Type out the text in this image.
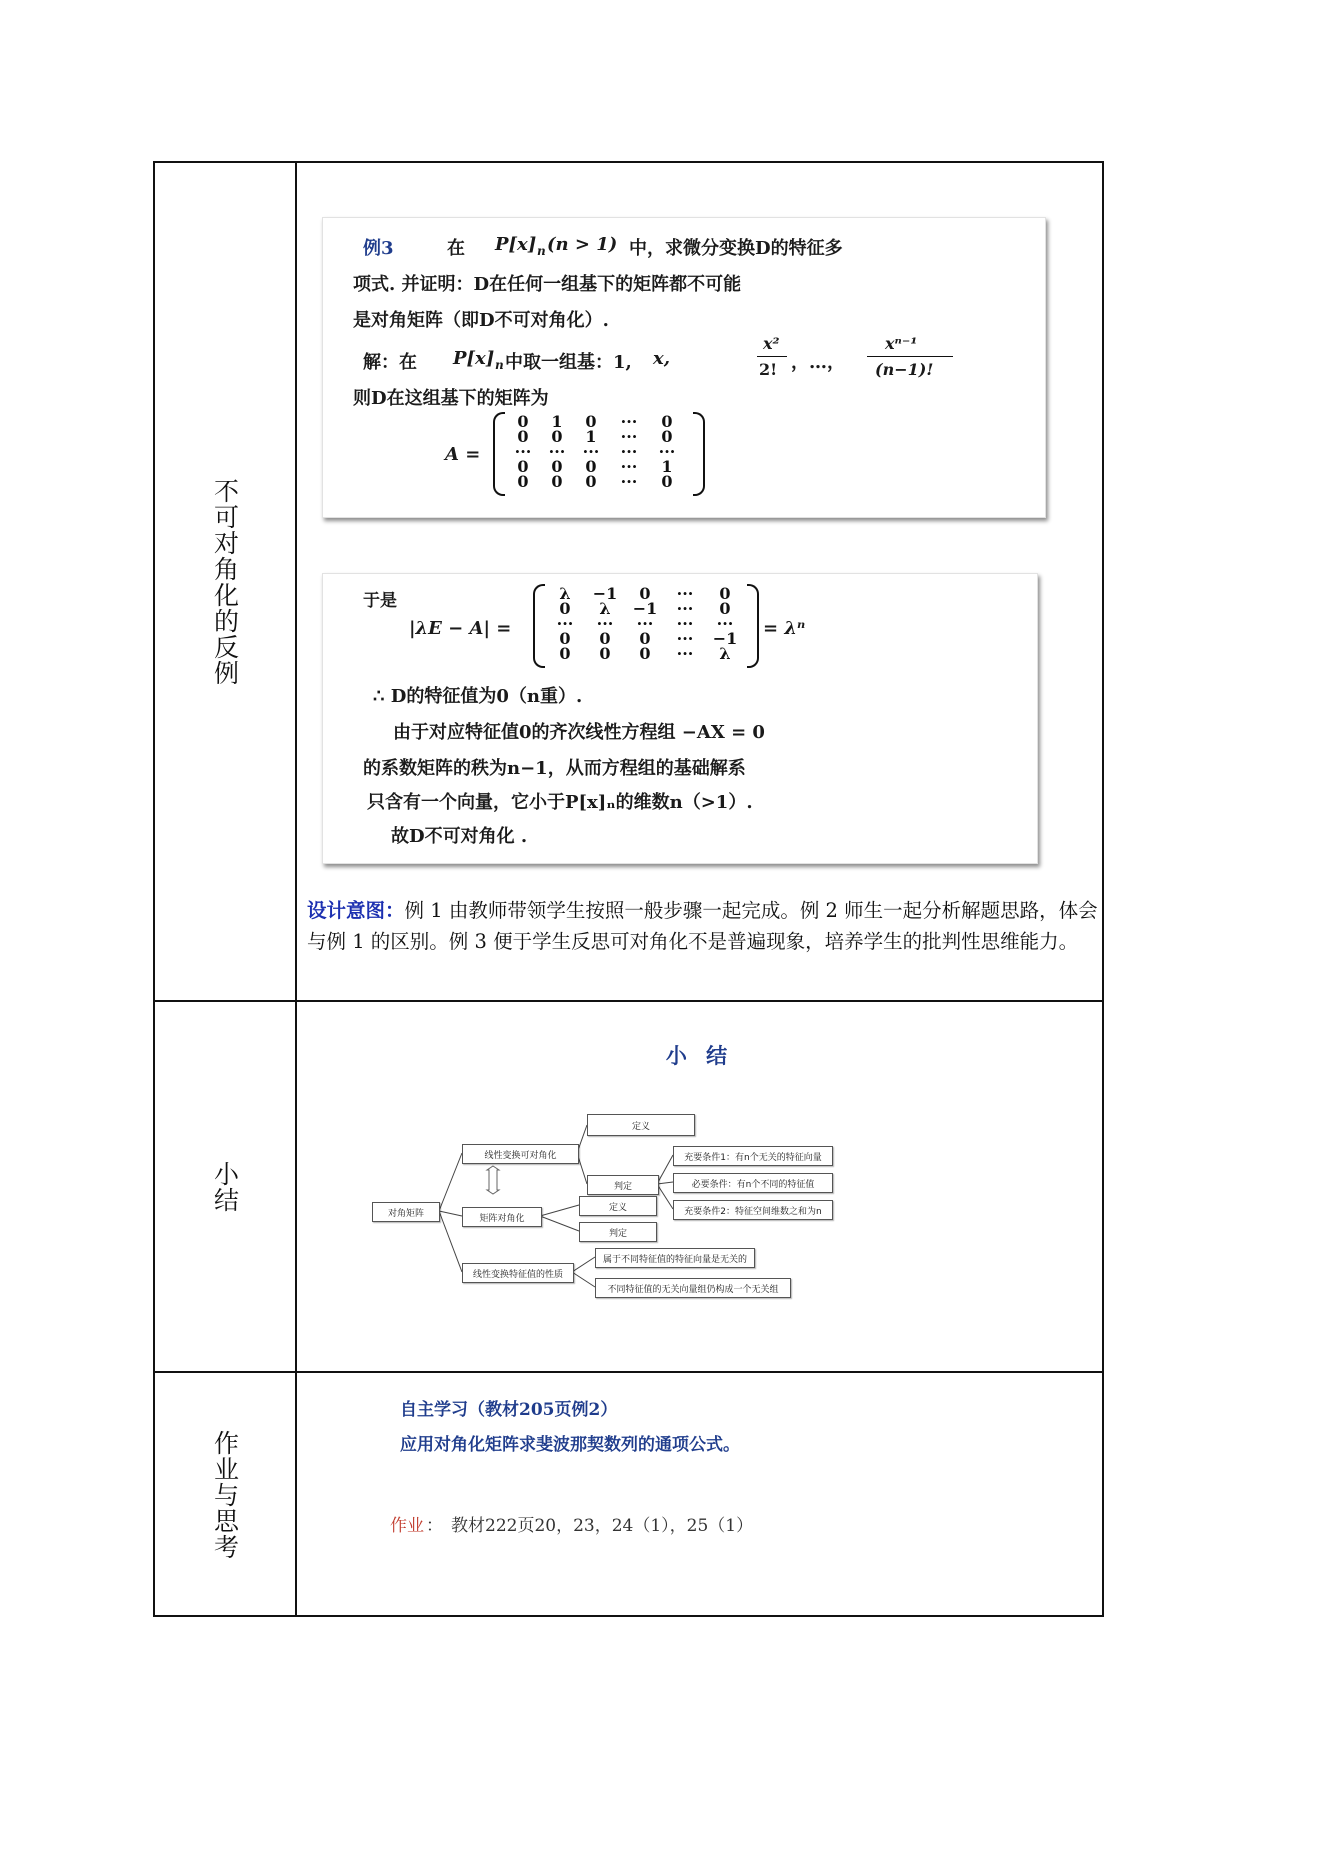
不可对角化的反例
例3	在 P[x] n (n > 1) 中，求微分变换D的特征多
项式. 并证明：D在任何一组基下的矩阵都不可能
是对角矩阵（即D不可对角化）.
解：在 P[x] n 中取一组基：1, x,
x²
2! ，…，
xⁿ⁻¹
(n−1)!
则D在这组基下的矩阵为
A =
0	1	0	···	0
0	0	1	···	0
···	···	···	···	···
0	0	0	···	1
0	0	0	···	0
于是
|λE − A| =
λ	−1	0	···	0
0	λ	−1	···	0
···	···	···	···	···
0	0	0	···	−1
0	0	0	···	λ
= λⁿ
∴ D的特征值为0（n重）.
由于对应特征值0的齐次线性方程组 −AX = 0
的系数矩阵的秩为n−1，从而方程组的基础解系
只含有一个向量，它小于P[x]ₙ的维数n（>1）.
故D不可对角化 .
设计意图：例 1 由教师带领学生按照一般步骤一起完成。例 2 师生一起分析解题思路，体会与例 1 的区别。例 3 便于学生反思可对角化不是普遍现象，培养学生的批判性思维能力。
小结
小 结
对角矩阵
线性变换可对角化
定义
判定
充要条件1：有n个无关的特征向量
必要条件：有n个不同的特征值
充要条件2：特征空间维数之和为n
矩阵对角化
定义
判定
线性变换特征值的性质
属于不同特征值的特征向量是无关的
不同特征值的无关向量组仍构成一个无关组
作业与思考
自主学习（教材205页例2）
应用对角化矩阵求斐波那契数列的通项公式。
作业 ： 教材222页20，23，24（1），25（1）
